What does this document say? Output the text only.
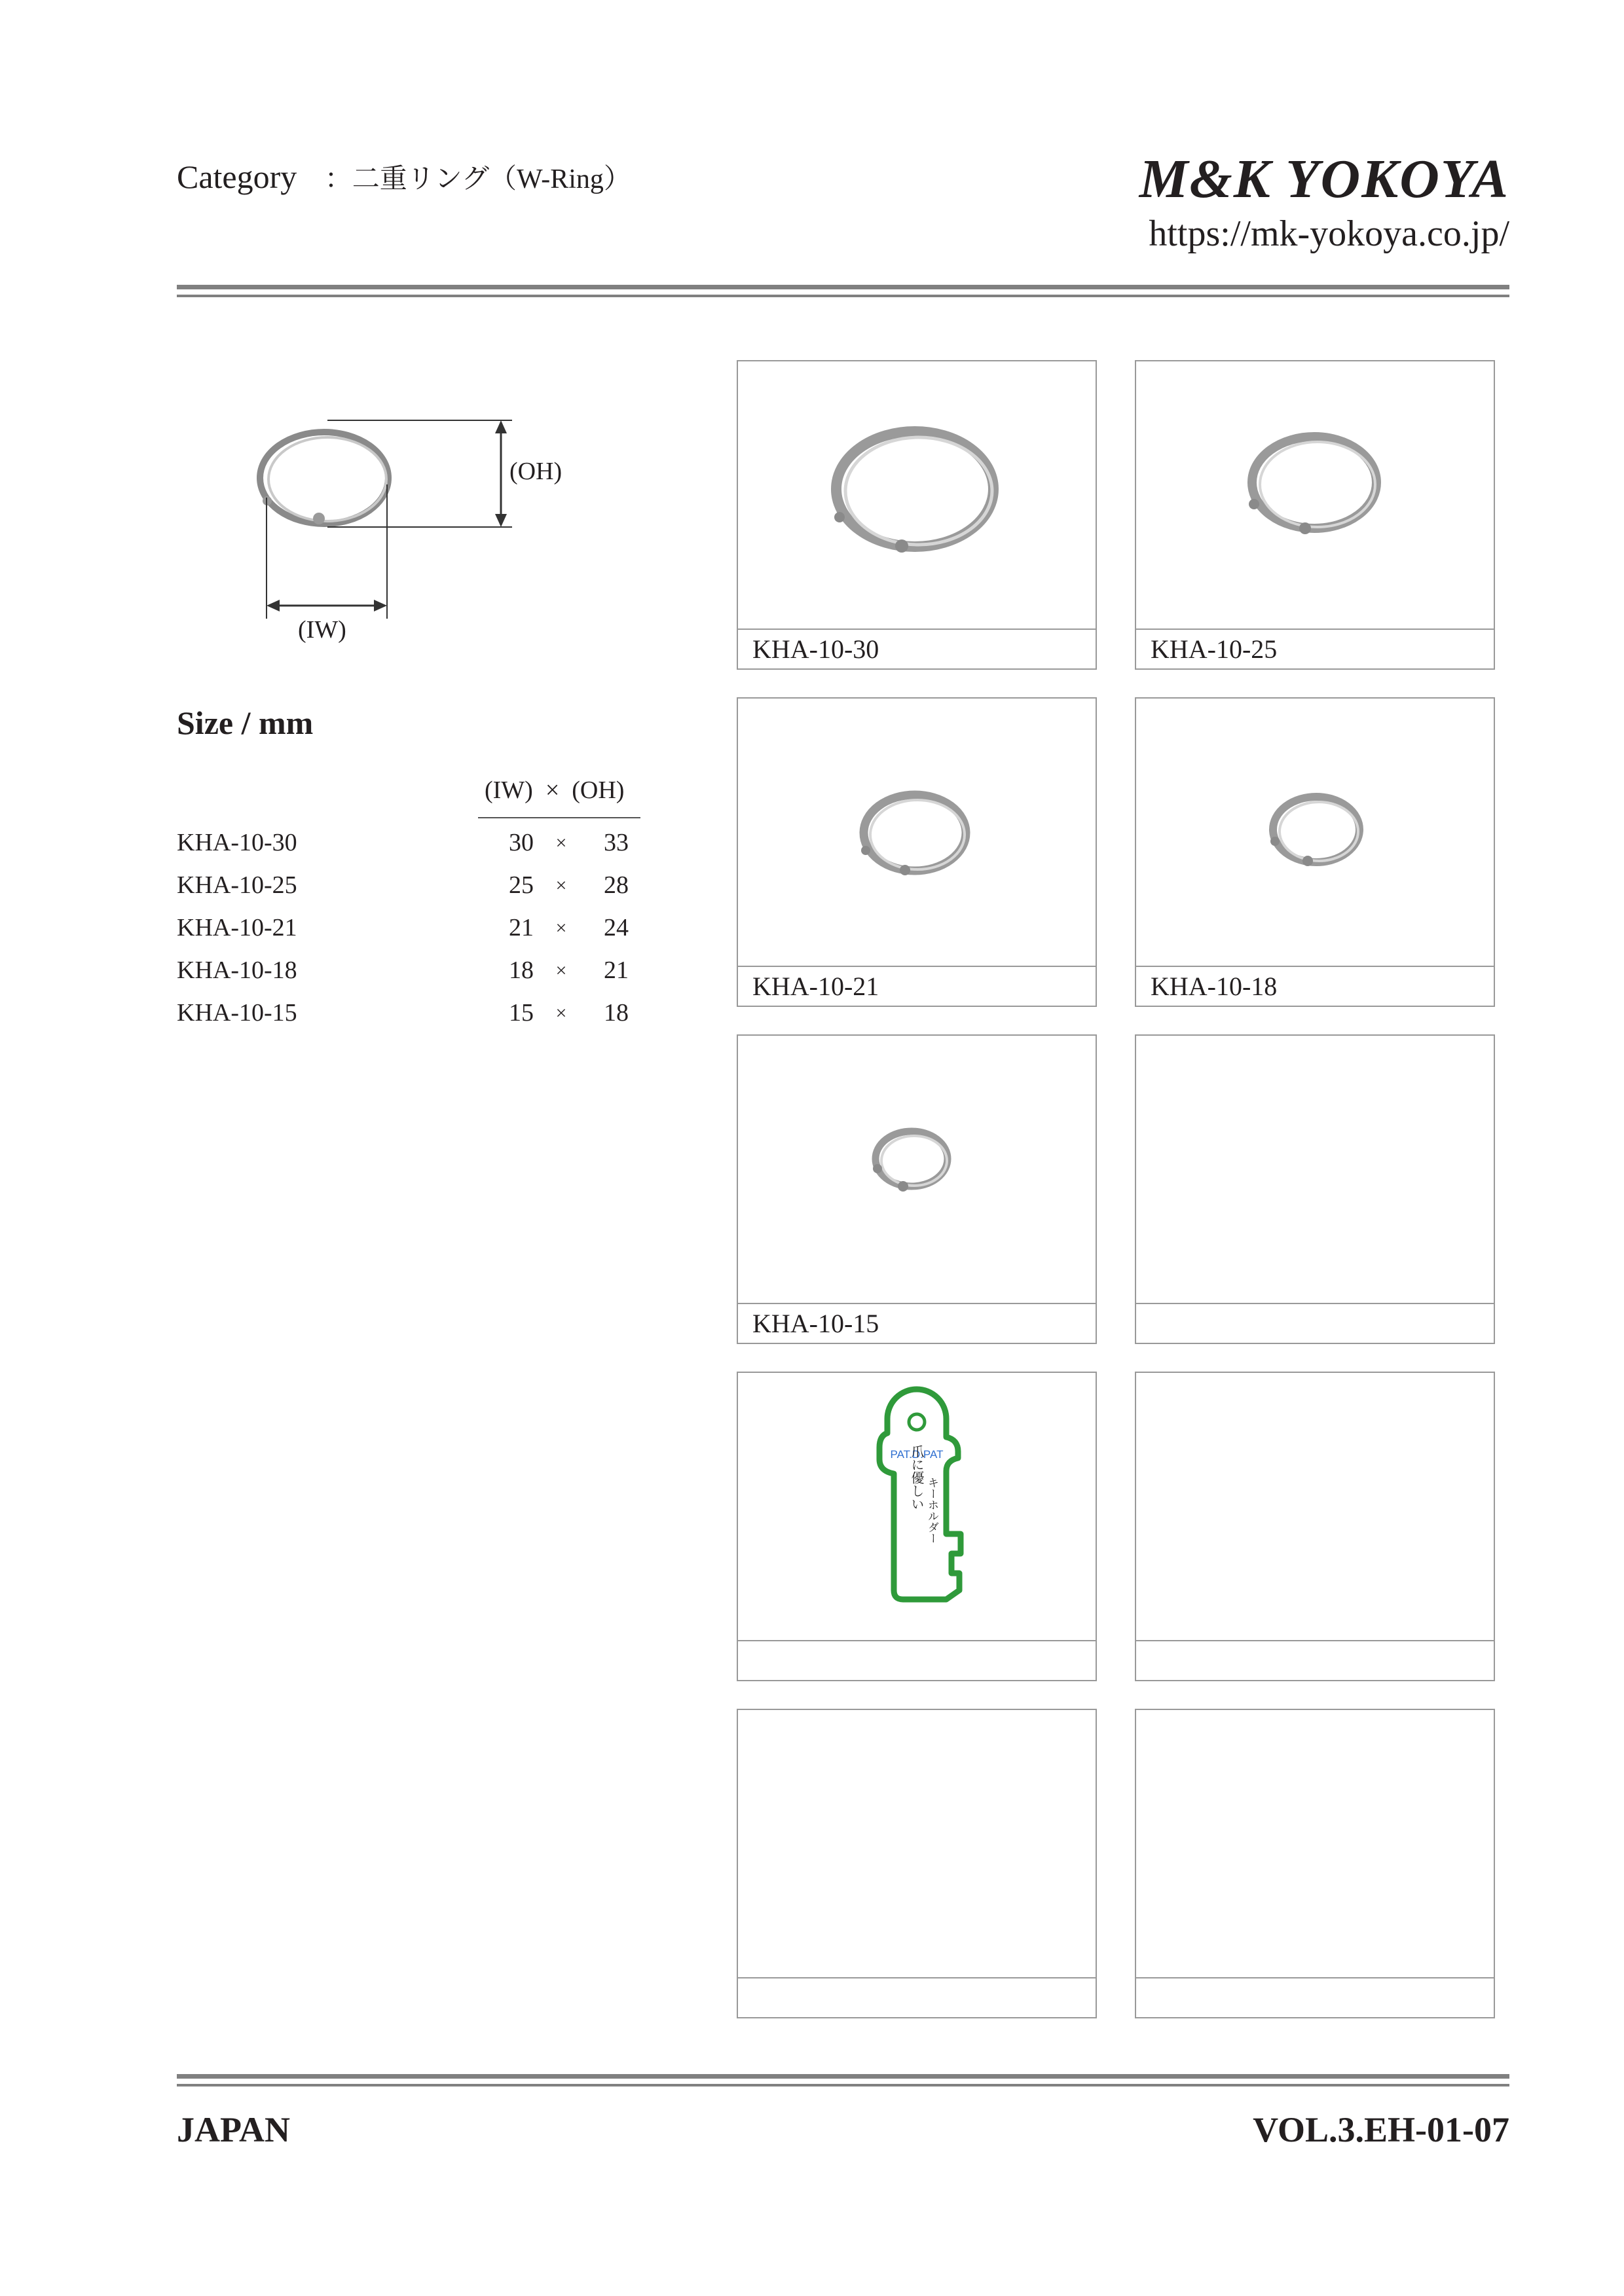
Category ：二重リング（W-Ring）	M&K YOKOYA
https://mk-yokoya.co.jp/
(OH)
(IW)
Size / mm
(IW)  ×  (OH)
KHA-10-30	30	×	33
KHA-10-25	25	×	28
KHA-10-21	21	×	24
KHA-10-18	18	×	21
KHA-10-15	15	×	18
KHA-10-30	KHA-10-25
KHA-10-21	KHA-10-18
KHA-10-15
PAT.D.PAT
爪に優しい キーホルダー
JAPAN	VOL.3.EH-01-07
